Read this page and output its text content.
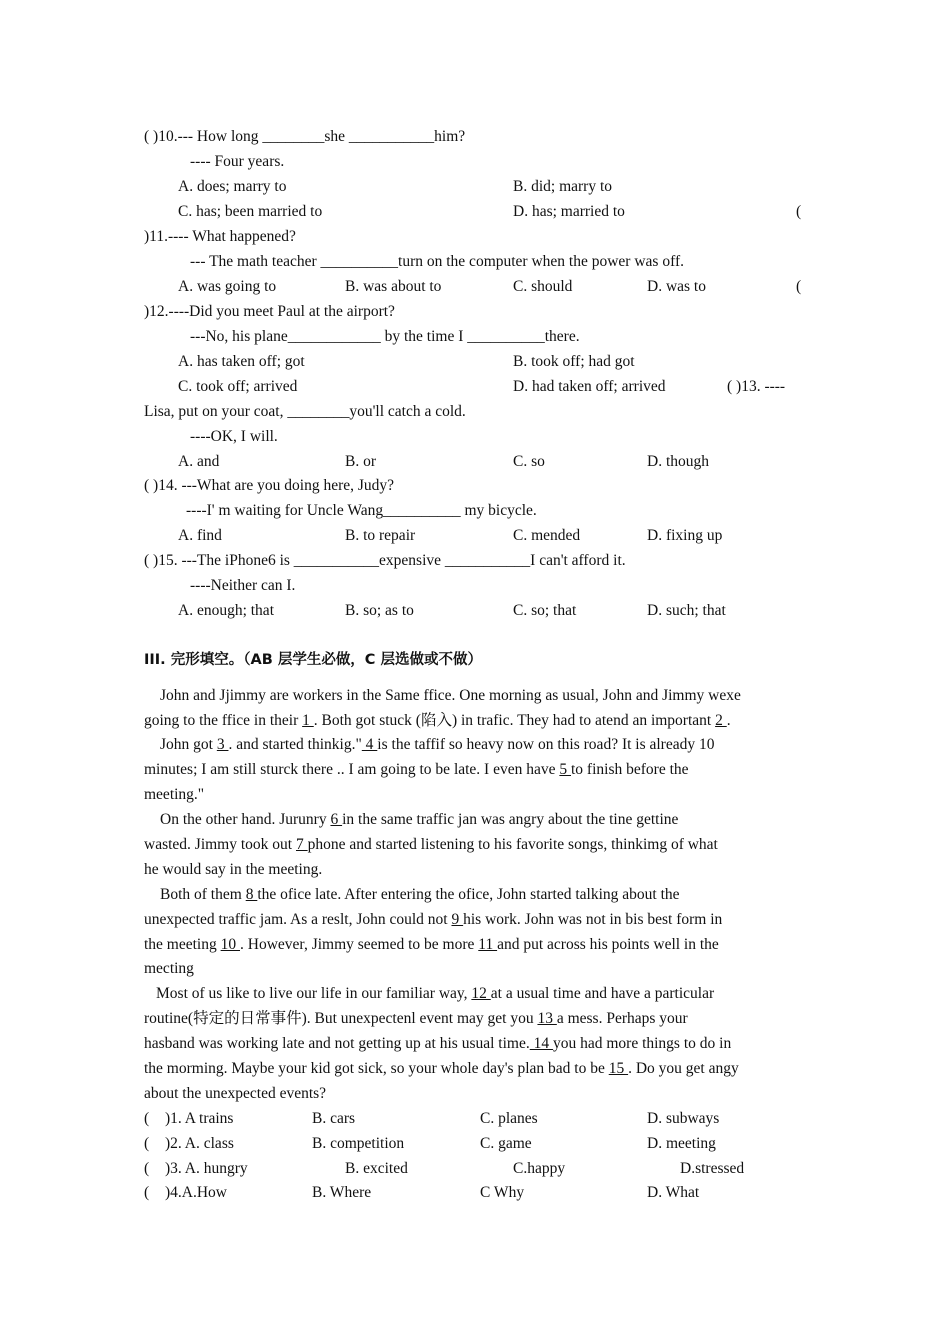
( )10.--- How long ________she ___________him?
---- Four years.
A. does; marry to	B. did; marry to
C. has; been married to	D. has; married to	(
)11.---- What happened?
--- The math teacher __________turn on the computer when the power was off.
A. was going to	B. was about to	C. should	D. was to	(
)12.----Did you meet Paul at the airport?
---No, his plane____________ by the time I __________there.
A. has taken off; got	B. took off; had got
C. took off; arrived	D. had taken off; arrived	( )13. ----
Lisa, put on your coat, ________you'll catch a cold.
----OK, I will.
A. and	B. or	C. so	D. though
( )14. ---What are you doing here, Judy?
----I' m waiting for Uncle Wang__________ my bicycle.
A. find	B. to repair	C. mended	D. fixing up
( )15. ---The iPhone6 is ___________expensive ___________I can't afford it.
----Neither can I.
A. enough; that	B. so; as to	C. so; that	D. such; that
III. 完形填空。（AB 层学生必做，C 层选做或不做）
John and Jjimmy are workers in the Same ffice. One morning as usual, John and Jimmy wexe
going to the ffice in their 1 . Both got stuck (陷入) in trafic. They had to atend an important 2 .
John got 3 . and started thinkig." 4 is the taffif so heavy now on this road? It is already 10
minutes; I am still sturck there .. I am going to be late. I even have 5 to finish before the
meeting."
On the other hand. Jurunry 6 in the same traffic jan was angry about the tine gettine
wasted. Jimmy took out 7 phone and started listening to his favorite songs, thinkimg of what
he would say in the meeting.
Both of them 8 the ofice late. After entering the ofice, John started talking about the
unexpected traffic jam. As a reslt, John could not 9 his work. John was not in bis best form in
the meeting 10 . However, Jimmy seemed to be more 11 and put across his points well in the
mecting
Most of us like to live our life in our familiar way, 12 at a usual time and have a particular
routine(特定的日常事件). But unexpectenl event may get you 13 a mess. Perhaps your
hasband was working late and not getting up at his usual time. 14 you had more things to do in
the morming. Maybe your kid got sick, so your whole day's plan bad to be 15 . Do you get angy
about the unexpected events?
( )1. A trains	B. cars	C. planes	D. subways
( )2. A. class	B. competition	C. game	D. meeting
( )3. A. hungry	B. excited	C.happy	D.stressed
( )4.A.How	B. Where	C Why	D. What
